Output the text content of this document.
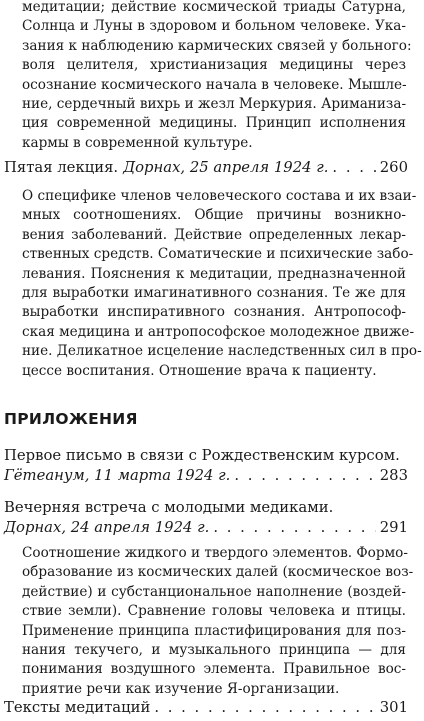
медитации; действие космической триады Сатурна,
Солнца и Луны в здоровом и больном человеке. Ука-
зания к наблюдению кармических связей у больного:
воля целителя, христианизация медицины через
осознание космического начала в человеке. Мышле-
ние, сердечный вихрь и жезл Меркурия. Ариманиза-
ция современной медицины. Принцип исполнения
кармы в современной культуре.
Пятая лекция. Дорнах, 25 апреля 1924 г. . . .	260
О специфике членов человеческого состава и их взаи-
мных соотношениях. Общие причины возникно-
вения заболеваний. Действие определенных лекар-
ственных средств. Соматические и психические забо-
левания. Пояснения к медитации, предназначенной
для выработки имагинативного сознания. Те же для
выработки инспиративного сознания. Антропософ-
ская медицина и антропософское молодежное движе-
ние. Деликатное исцеление наследственных сил в про-
цессе воспитания. Отношение врача к пациенту.
ПРИЛОЖЕНИЯ
Первое письмо в связи с Рождественским курсом.
Гётеанум, 11 марта 1924 г. . . .	283
Вечерняя встреча с молодыми медиками.
Дорнах, 24 апреля 1924 г. . . .	291
Соотношение жидкого и твердого элементов. Формо-
образование из космических далей (космическое воз-
действие) и субстанциональное наполнение (воздей-
ствие земли). Сравнение головы человека и птицы.
Применение принципа пластифицирования для поз-
нания текучего, и музыкального принципа — для
понимания воздушного элемента. Правильное вос-
приятие речи как изучение Я-организации.
Тексты медитаций . . .	301
